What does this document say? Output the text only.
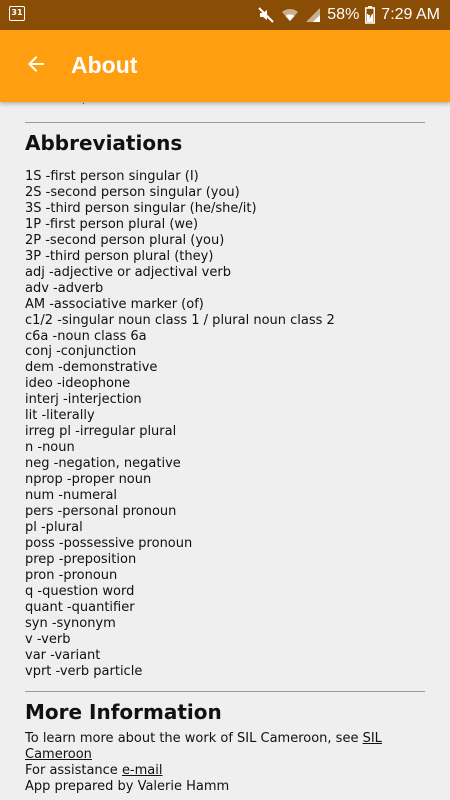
31	58% 7:29 AM
About
·
Abbreviations
1S -first person singular (I)
2S -second person singular (you)
3S -third person singular (he/she/it)
1P -first person plural (we)
2P -second person plural (you)
3P -third person plural (they)
adj -adjective or adjectival verb
adv -adverb
AM -associative marker (of)
c1/2 -singular noun class 1 / plural noun class 2
c6a -noun class 6a
conj -conjunction
dem -demonstrative
ideo -ideophone
interj -interjection
lit -literally
irreg pl -irregular plural
n -noun
neg -negation, negative
nprop -proper noun
num -numeral
pers -personal pronoun
pl -plural
poss -possessive pronoun
prep -preposition
pron -pronoun
q -question word
quant -quantifier
syn -synonym
v -verb
var -variant
vprt -verb particle
More Information

To learn more about the work of SIL Cameroon, see SIL Cameroon

For assistance e-mail

App prepared by Valerie Hamm
